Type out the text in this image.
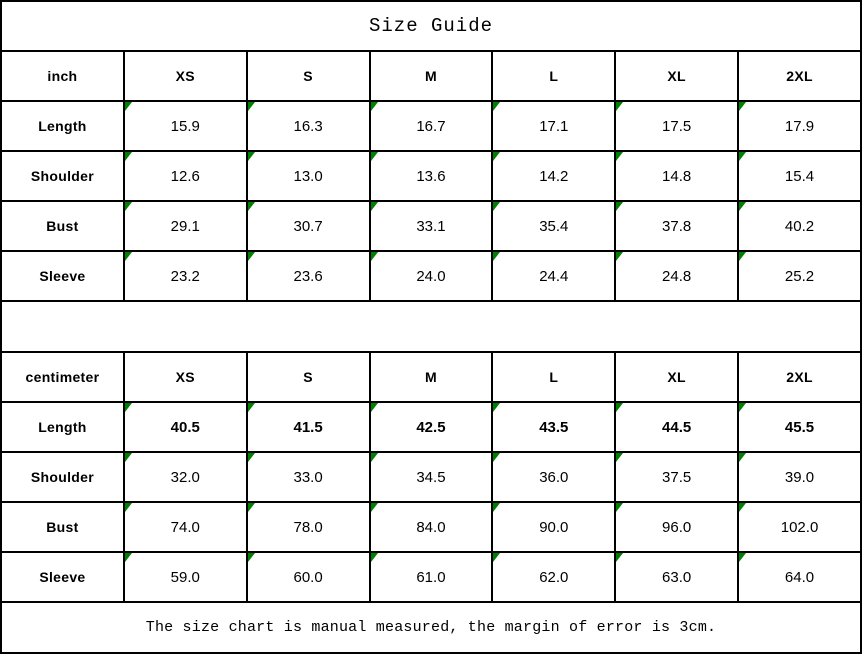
Size Guide						
inch	XS	S	M	L	XL	2XL
Length	15.9	16.3	16.7	17.1	17.5	17.9
Shoulder	12.6	13.0	13.6	14.2	14.8	15.4
Bust	29.1	30.7	33.1	35.4	37.8	40.2
Sleeve	23.2	23.6	24.0	24.4	24.8	25.2

centimeter	XS	S	M	L	XL	2XL
Length	40.5	41.5	42.5	43.5	44.5	45.5
Shoulder	32.0	33.0	34.5	36.0	37.5	39.0
Bust	74.0	78.0	84.0	90.0	96.0	102.0
Sleeve	59.0	60.0	61.0	62.0	63.0	64.0
The size chart is manual measured, the margin of error is 3cm.						
